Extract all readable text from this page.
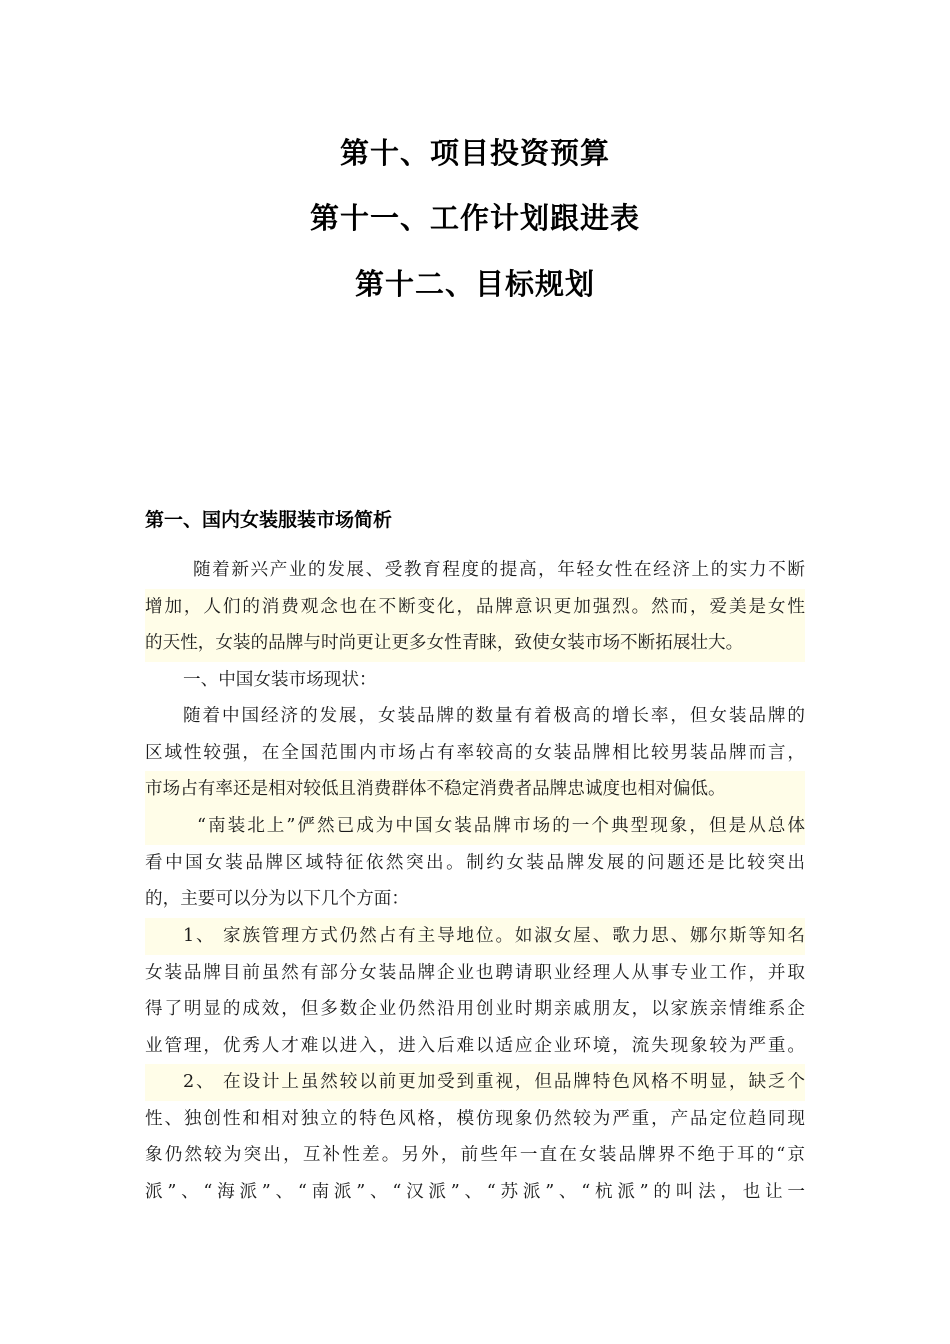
第十、项目投资预算
第十一、工作计划跟进表
第十二、目标规划
第一、国内女装服装市场简析
随着新兴产业的发展、受教育程度的提高，年轻女性在经济上的实力不断
增加，人们的消费观念也在不断变化，品牌意识更加强烈。然而，爱美是女性
的天性，女装的品牌与时尚更让更多女性青睐，致使女装市场不断拓展壮大。
一、中国女装市场现状：
随着中国经济的发展，女装品牌的数量有着极高的增长率，但女装品牌的
区域性较强，在全国范围内市场占有率较高的女装品牌相比较男装品牌而言，
市场占有率还是相对较低且消费群体不稳定消费者品牌忠诚度也相对偏低。
“南装北上”俨然已成为中国女装品牌市场的一个典型现象，但是从总体
看中国女装品牌区域特征依然突出。制约女装品牌发展的问题还是比较突出
的，主要可以分为以下几个方面：
1、 家族管理方式仍然占有主导地位。如淑女屋、歌力思、娜尔斯等知名
女装品牌目前虽然有部分女装品牌企业也聘请职业经理人从事专业工作，并取
得了明显的成效，但多数企业仍然沿用创业时期亲戚朋友，以家族亲情维系企
业管理，优秀人才难以进入，进入后难以适应企业环境，流失现象较为严重。
2、 在设计上虽然较以前更加受到重视，但品牌特色风格不明显，缺乏个
性、独创性和相对独立的特色风格，模仿现象仍然较为严重，产品定位趋同现
象仍然较为突出，互补性差。另外，前些年一直在女装品牌界不绝于耳的“京
派”、“海派”、“南派”、“汉派”、“苏派”、“杭派”的叫法，也让一
